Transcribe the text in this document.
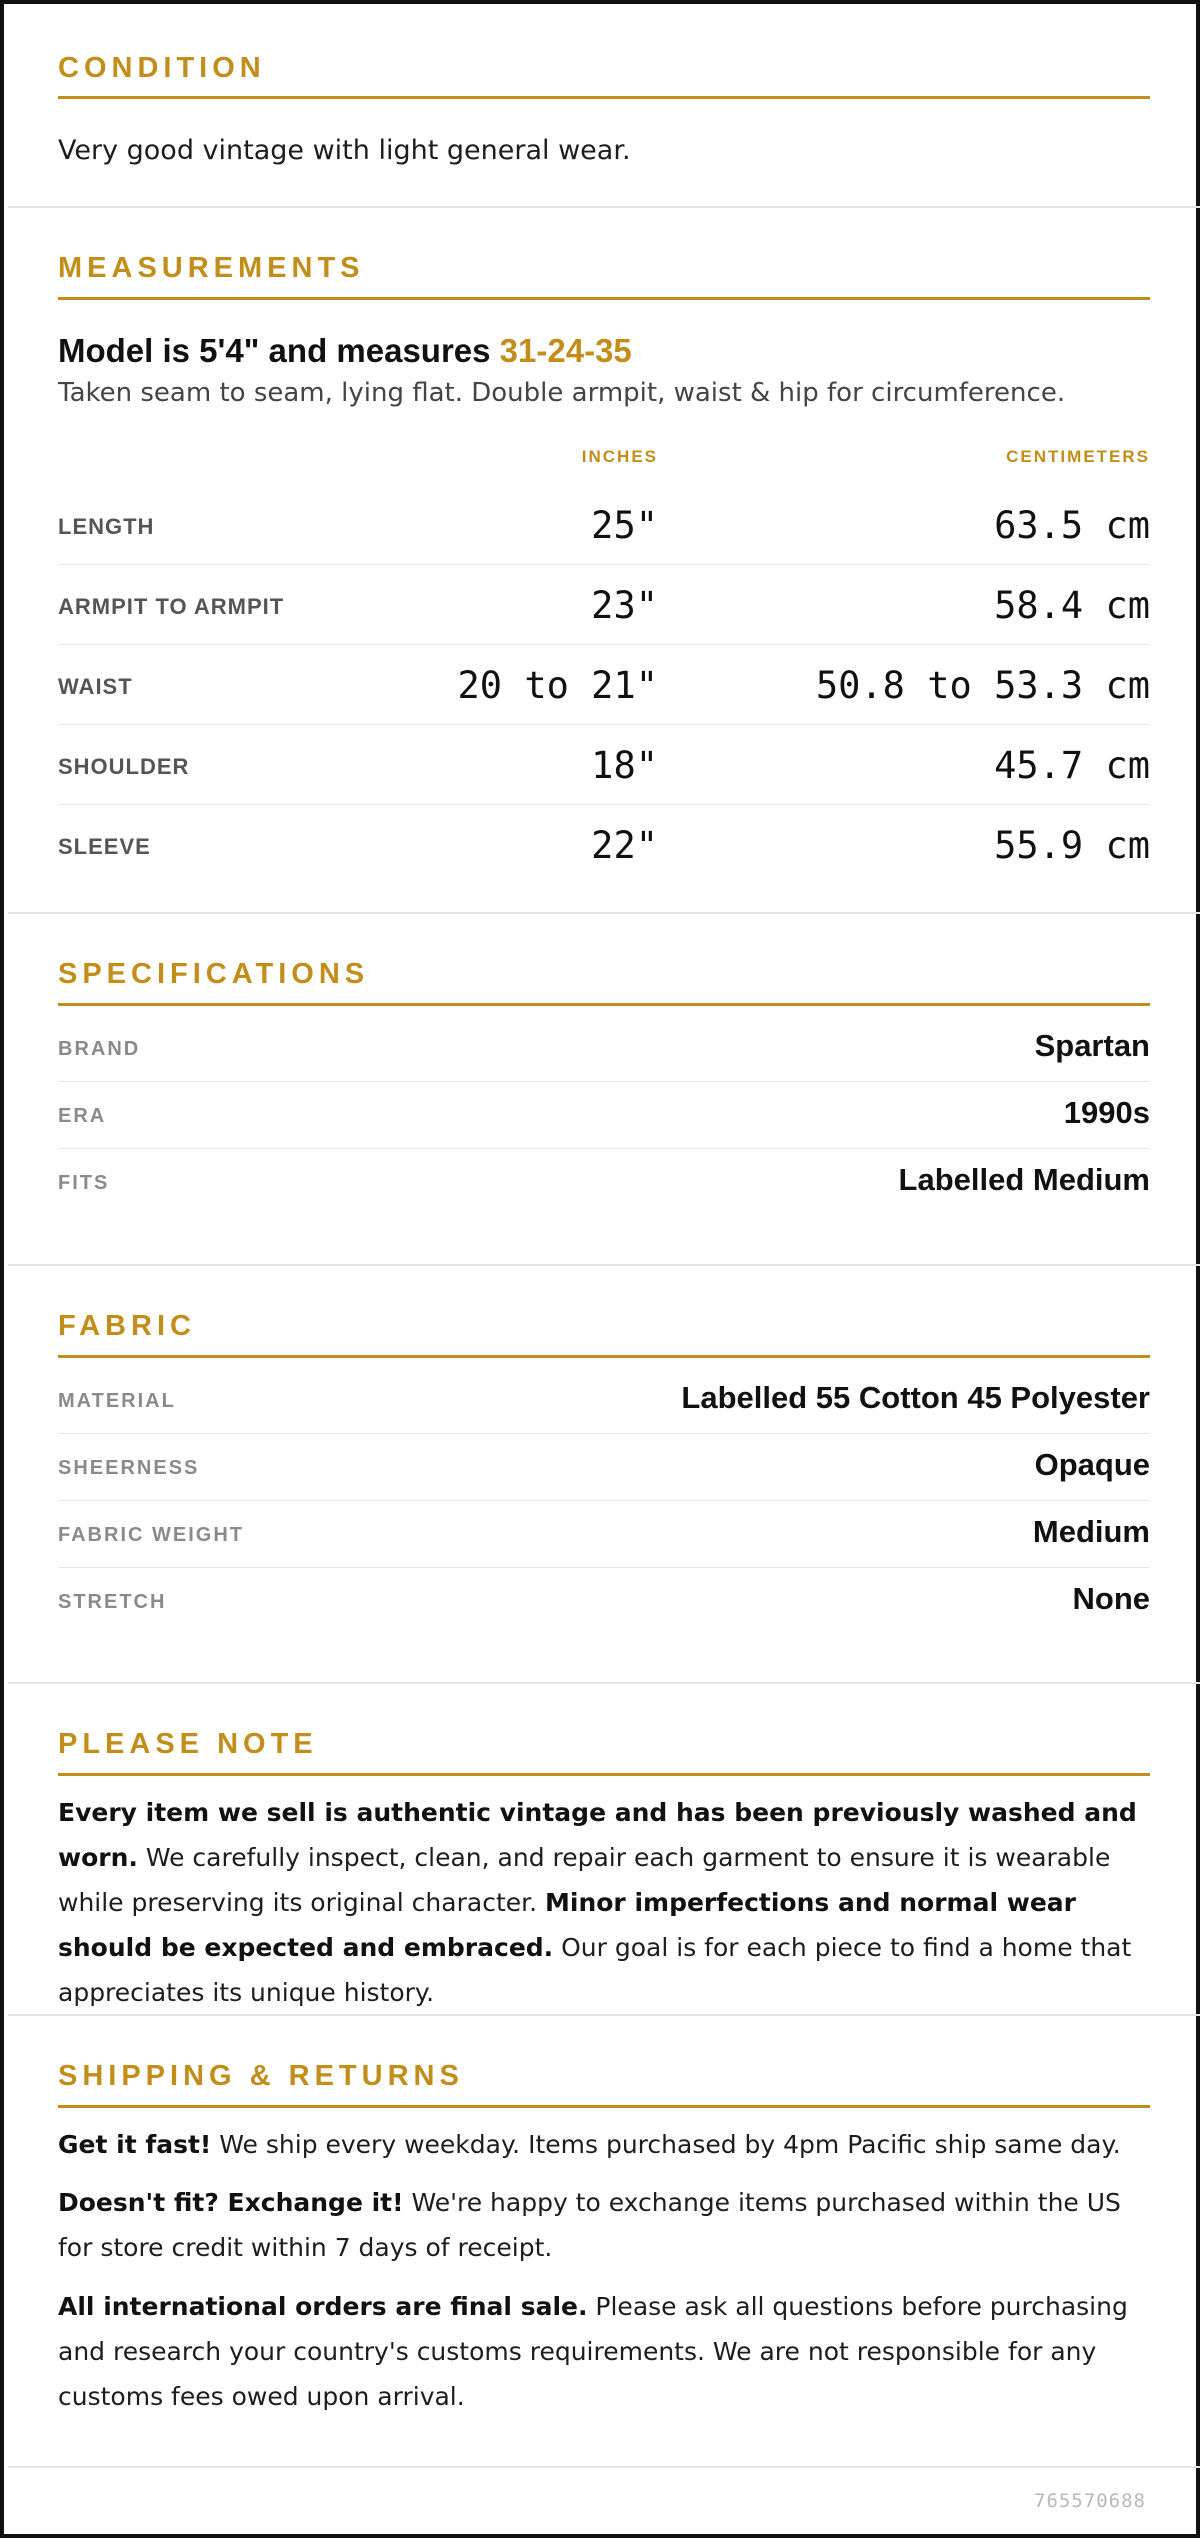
CONDITION
Very good vintage with light general wear.
MEASUREMENTS
Model is 5'4" and measures 31-24-35
Taken seam to seam, lying flat. Double armpit, waist & hip for circumference.
INCHES	CENTIMETERS
LENGTH	25"	63.5 cm
ARMPIT TO ARMPIT	23"	58.4 cm
WAIST	20 to 21"	50.8 to 53.3 cm
SHOULDER	18"	45.7 cm
SLEEVE	22"	55.9 cm
SPECIFICATIONS
BRAND	Spartan
ERA	1990s
FITS	Labelled Medium
FABRIC
MATERIAL	Labelled 55 Cotton 45 Polyester
SHEERNESS	Opaque
FABRIC WEIGHT	Medium
STRETCH	None
PLEASE NOTE
Every item we sell is authentic vintage and has been previously washed and worn. We carefully inspect, clean, and repair each garment to ensure it is wearable while preserving its original character. Minor imperfections and normal wear should be expected and embraced. Our goal is for each piece to find a home that appreciates its unique history.
SHIPPING & RETURNS
Get it fast! We ship every weekday. Items purchased by 4pm Pacific ship same day.
Doesn't fit? Exchange it! We're happy to exchange items purchased within the US for store credit within 7 days of receipt.
All international orders are final sale. Please ask all questions before purchasing and research your country's customs requirements. We are not responsible for any customs fees owed upon arrival.
765570688
